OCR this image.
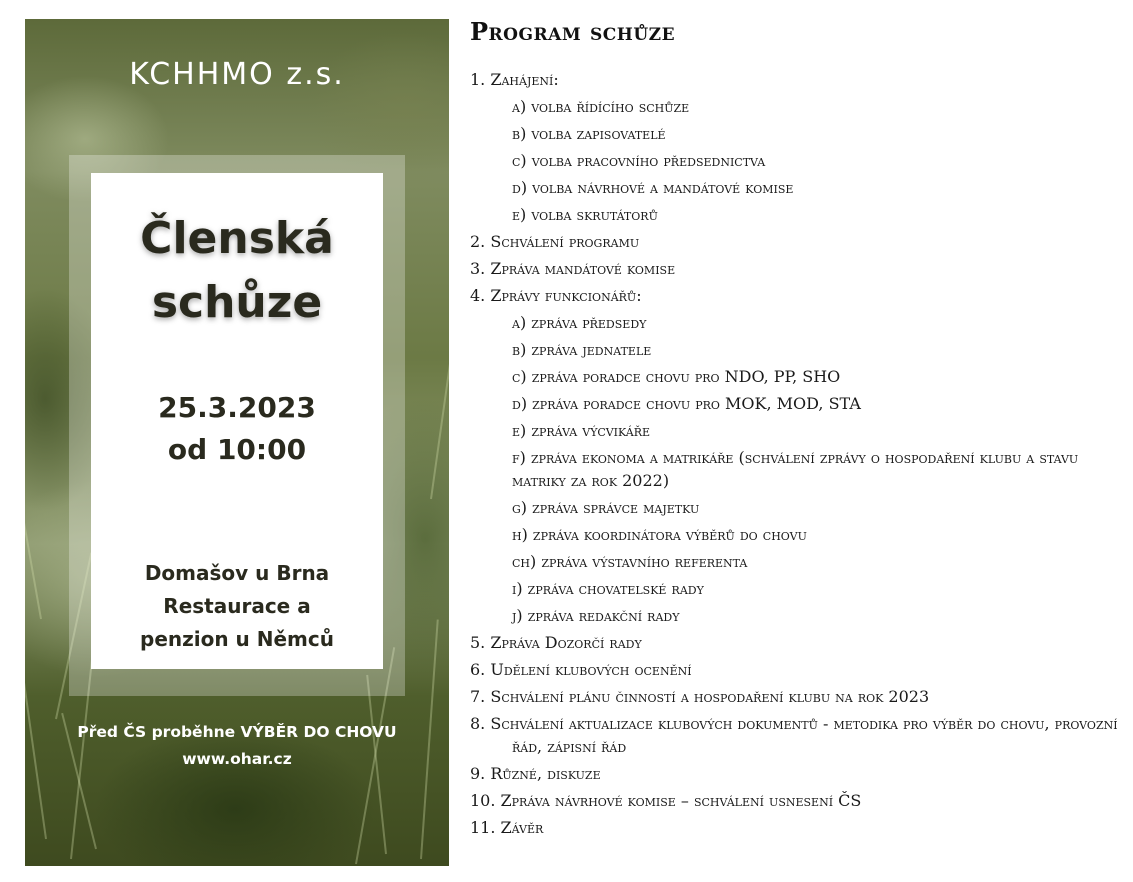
KCHHMO z.s.
Členská
schůze
25.3.2023
od 10:00
Domašov u Brna
Restaurace a
penzion u Němců
Před ČS proběhne VÝBĚR DO CHOVU
www.ohar.cz
Program schůze
1. Zahájení:
a) volba řídícího schůze
b) volba zapisovatelé
c) volba pracovního předsednictva
d) volba návrhové a mandátové komise
e) volba skrutátorů
2. Schválení programu
3. Zpráva mandátové komise
4. Zprávy funkcionářů:
a) zpráva předsedy
b) zpráva jednatele
c) zpráva poradce chovu pro NDO, PP, SHO
d) zpráva poradce chovu pro MOK, MOD, STA
e) zpráva výcvikáře
f) zpráva ekonoma a matrikáře (schválení zprávy o hospodaření klubu a stavu matriky za rok 2022)
g) zpráva správce majetku
h) zpráva koordinátora výběrů do chovu
ch) zpráva výstavního referenta
i) zpráva chovatelské rady
j) zpráva redakční rady
5. Zpráva Dozorčí rady
6. Udělení klubových ocenění
7. Schválení plánu činností a hospodaření klubu na rok 2023
8. Schválení aktualizace klubových dokumentů - metodika pro výběr do chovu, provozní řád, zápisní řád
9. Různé, diskuze
10. Zpráva návrhové komise – schválení usnesení ČS
11. Závěr
